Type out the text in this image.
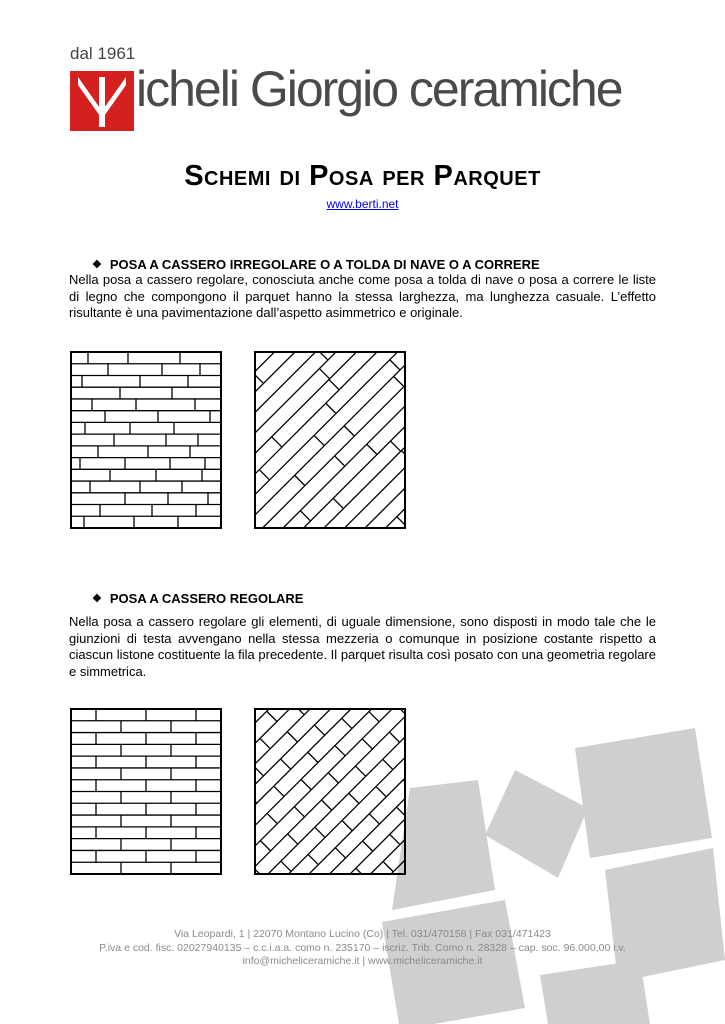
dal 1961
icheli Giorgio ceramiche
Schemi di Posa per Parquet
www.berti.net
❖ POSA A CASSERO IRREGOLARE O A TOLDA DI NAVE O A CORRERE
Nella posa a cassero regolare, conosciuta anche come posa a tolda di nave o posa a correre le liste di legno che compongono il parquet hanno la stessa larghezza, ma lunghezza casuale. L’effetto risultante è una pavimentazione dall’aspetto asimmetrico e originale.
❖ POSA A CASSERO REGOLARE
Nella posa a cassero regolare gli elementi, di uguale dimensione, sono disposti in modo tale che le giunzioni di testa avvengano nella stessa mezzeria o comunque in posizione costante rispetto a ciascun listone costituente la fila precedente. Il parquet risulta così posato con una geometria regolare e simmetrica.
Via Leopardi, 1 | 22070 Montano Lucino (Co) | Tel. 031/470158 | Fax 031/471423
P.iva e cod. fisc. 02027940135 – c.c.i.a.a. como n. 235170 – iscriz. Trib. Como n. 28328 – cap. soc. 96.000,00 i.v.
info@micheliceramiche.it | www.micheliceramiche.it
